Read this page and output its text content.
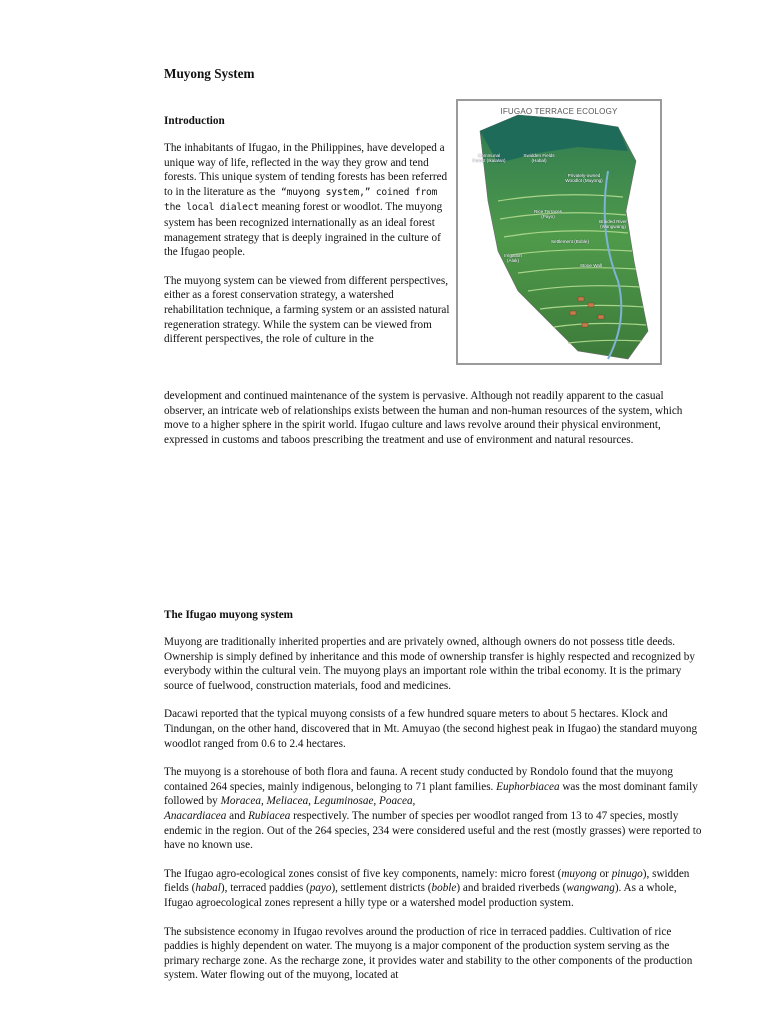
Muyong System
Introduction

The inhabitants of Ifugao, in the Philippines, have developed a unique way of life, reflected in the way they grow and tend forests. This unique system of tending forests has been referred to in the literature as the “muyong system,” coined from the local dialect meaning forest or woodlot. The muyong system has been recognized internationally as an ideal forest management strategy that is deeply ingrained in the culture of the Ifugao people.

The muyong system can be viewed from different perspectives, either as a forest conservation strategy, a watershed rehabilitation technique, a farming system or an assisted natural regeneration strategy. While the system can be viewed from different perspectives, the role of culture in the

development and continued maintenance of the system is pervasive. Although not readily apparent to the casual observer, an intricate web of relationships exists between the human and non-human resources of the system, which move to a higher sphere in the spirit world. Ifugao culture and laws revolve around their physical environment, expressed in customs and taboos prescribing the treatment and use of environment and natural resources.

The Ifugao muyong system

Muyong are traditionally inherited properties and are privately owned, although owners do not possess title deeds. Ownership is simply defined by inheritance and this mode of ownership transfer is highly respected and recognized by everybody within the cultural vein. The muyong plays an important role within the tribal economy. It is the primary source of fuelwood, construction materials, food and medicines.

Dacawi reported that the typical muyong consists of a few hundred square meters to about 5 hectares. Klock and Tindungan, on the other hand, discovered that in Mt. Amuyao (the second highest peak in Ifugao) the standard muyong woodlot ranged from 0.6 to 2.4 hectares.

The muyong is a storehouse of both flora and fauna. A recent study conducted by Rondolo found that the muyong contained 264 species, mainly indigenous, belonging to 71 plant families. Euphorbiacea was the most dominant family followed by Moracea, Meliacea, Leguminosae, Poacea,
Anacardiacea and Rubiacea respectively. The number of species per woodlot ranged from 13 to 47 species, mostly endemic in the region. Out of the 264 species, 234 were considered useful and the rest (mostly grasses) were reported to have no known use.

The Ifugao agro-ecological zones consist of five key components, namely: micro forest (muyong or pinugo), swidden fields (habal), terraced paddies (payo), settlement districts (boble) and braided riverbeds (wangwang). As a whole, Ifugao agroecological zones represent a hilly type or a watershed model production system.

The subsistence economy in Ifugao revolves around the production of rice in terraced paddies. Cultivation of rice paddies is highly dependent on water. The muyong is a major component of the production system serving as the primary recharge zone. As the recharge zone, it provides water and stability to the other components of the production system. Water flowing out of the muyong, located at

IFUGAO TERRACE ECOLOGY
Communal Forest (Ikalalan)
Swidden Fields (Habal)
Privately-owned Woodlot (Muyong)
Rice Terraces (Payo)
Settlement (Boble)
Irrigation (Alak)
Braided River (Wangwang)
Stone Wall
